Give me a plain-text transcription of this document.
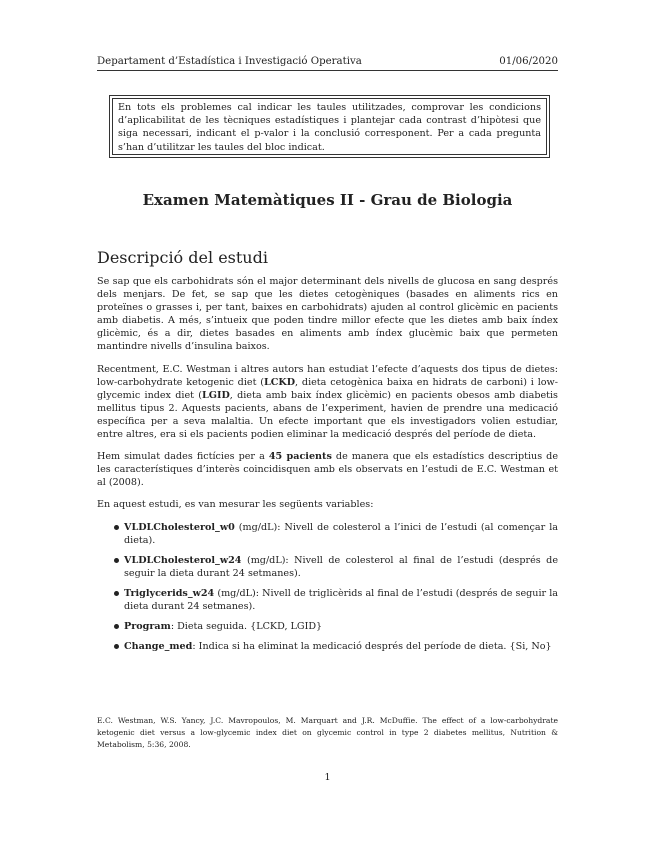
Departament d’Estadística i Investigació Operativa	01/06/2020
En tots els problemes cal indicar les taules utilitzades, comprovar les condicions d’aplicabilitat de les tècniques estadístiques i plantejar cada contrast d’hipòtesi que siga necessari, indicant el p-valor i la conclusió corresponent. Per a cada pregunta s’han d’utilitzar les taules del bloc indicat.
Examen Matemàtiques II - Grau de Biologia
Descripció del estudi

Se sap que els carbohidrats són el major determinant dels nivells de glucosa en sang després dels menjars. De fet, se sap que les dietes cetogèniques (basades en aliments rics en proteïnes o grasses i, per tant, baixes en carbohidrats) ajuden al control glicèmic en pacients amb diabetis. A més, s’intueix que poden tindre millor efecte que les dietes amb baix índex glicèmic, és a dir, dietes basades en aliments amb índex glucèmic baix que permeten mantindre nivells d’insulina baixos.

Recentment, E.C. Westman i altres autors han estudiat l’efecte d’aquests dos tipus de dietes: low-carbohydrate ketogenic diet (LCKD, dieta cetogènica baixa en hidrats de carboni) i low-glycemic index diet (LGID, dieta amb baix índex glicèmic) en pacients obesos amb diabetis mellitus tipus 2. Aquests pacients, abans de l’experiment, havien de prendre una medicació específica per a seva malaltia. Un efecte important que els investigadors volien estudiar, entre altres, era si els pacients podien eliminar la medicació després del període de dieta.

Hem simulat dades fictícies per a 45 pacients de manera que els estadístics descriptius de les característiques d’interès coincidisquen amb els observats en l’estudi de E.C. Westman et al (2008).

En aquest estudi, es van mesurar les següents variables:

VLDLCholesterol_w0 (mg/dL): Nivell de colesterol a l’inici de l’estudi (al començar la dieta).
VLDLCholesterol_w24 (mg/dL): Nivell de colesterol al final de l’estudi (després de seguir la dieta durant 24 setmanes).
Triglycerids_w24 (mg/dL): Nivell de triglicèrids al final de l’estudi (després de seguir la dieta durant 24 setmanes).
Program: Dieta seguida. {LCKD, LGID}
Change_med: Indica si ha eliminat la medicació després del període de dieta. {Si, No}
E.C. Westman, W.S. Yancy, J.C. Mavropoulos, M. Marquart and J.R. McDuffie. The effect of a low-carbohydrate ketogenic diet versus a low-glycemic index diet on glycemic control in type 2 diabetes mellitus, Nutrition & Metabolism, 5:36, 2008.
1
